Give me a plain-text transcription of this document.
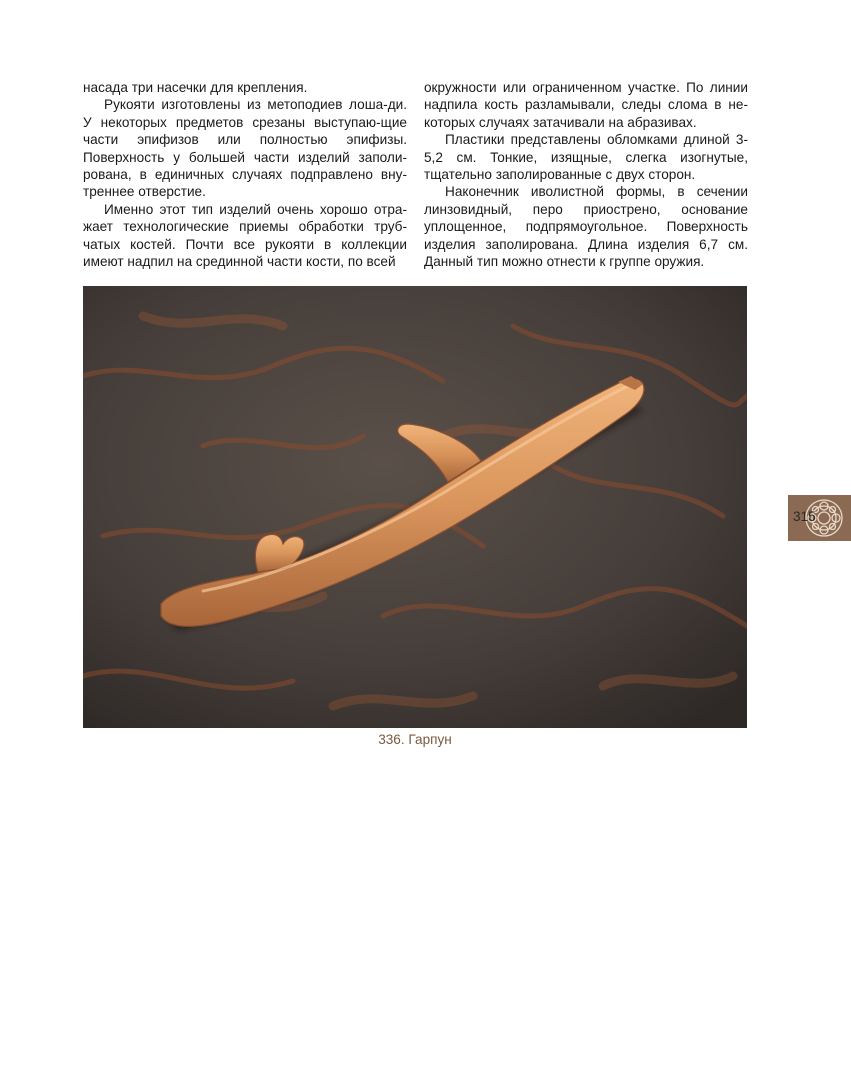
насада три насечки для крепления.

Рукояти изготовлены из метоподиев лоша-ди. У некоторых предметов срезаны выступаю-щие части эпифизов или полностью эпифизы. Поверхность у большей части изделий заполи-рована, в единичных случаях подправлено вну-треннее отверстие.

Именно этот тип изделий очень хорошо отра-жает технологические приемы обработки труб-чатых костей. Почти все рукояти в коллекции имеют надпил на срединной части кости, по всей

окружности или ограниченном участке. По линии надпила кость разламывали, следы слома в не-которых случаях затачивали на абразивах.

Пластики представлены обломками длиной 3-5,2 см. Тонкие, изящные, слегка изогнутые, тщательно заполированные с двух сторон.

Наконечник иволистной формы, в сечении линзовидный, перо приострено, основание уплощенное, подпрямоугольное. Поверхность изделия заполирована. Длина изделия 6,7 см. Данный тип можно отнести к группе оружия.

336. Гарпун
315
